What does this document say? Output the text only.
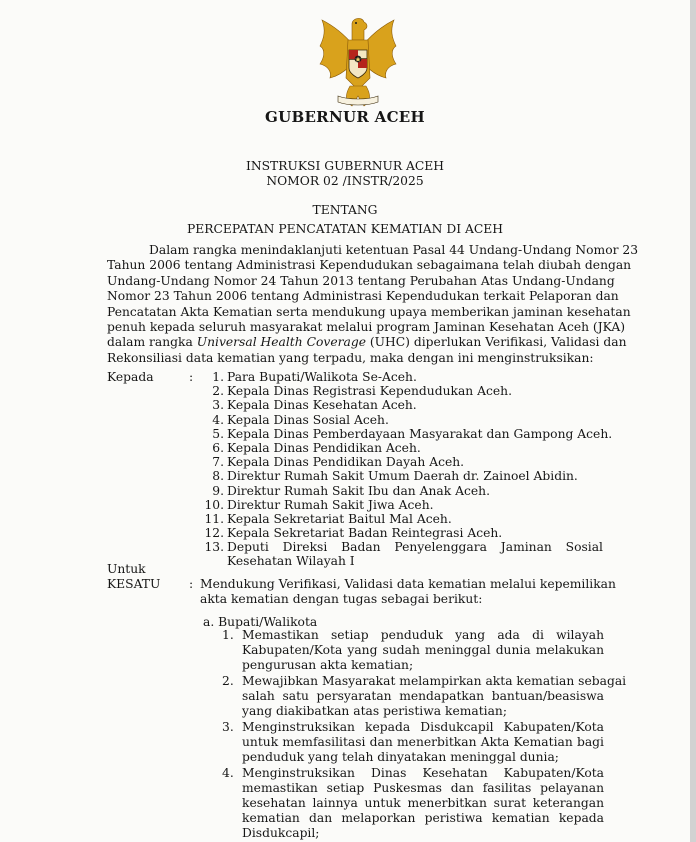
GUBERNUR ACEH
INSTRUKSI GUBERNUR ACEH
NOMOR 02 /INSTR/2025
TENTANG
PERCEPATAN PENCATATAN KEMATIAN DI ACEH
Dalam rangka menindaklanjuti ketentuan Pasal 44 Undang-Undang Nomor 23
Tahun 2006 tentang Administrasi Kependudukan sebagaimana telah diubah dengan
Undang-Undang Nomor 24 Tahun 2013 tentang Perubahan Atas Undang-Undang
Nomor 23 Tahun 2006 tentang Administrasi Kependudukan terkait Pelaporan dan
Pencatatan Akta Kematian serta mendukung upaya memberikan jaminan kesehatan
penuh kepada seluruh masyarakat melalui program Jaminan Kesehatan Aceh (JKA)
dalam rangka Universal Health Coverage (UHC) diperlukan Verifikasi, Validasi dan
Rekonsiliasi data kematian yang terpadu, maka dengan ini menginstruksikan:
Kepada	:	1. Para Bupati/Walikota Se-Aceh.
2. Kepala Dinas Registrasi Kependudukan Aceh.
3. Kepala Dinas Kesehatan Aceh.
4. Kepala Dinas Sosial Aceh.
5. Kepala Dinas Pemberdayaan Masyarakat dan Gampong Aceh.
6. Kepala Dinas Pendidikan Aceh.
7. Kepala Dinas Pendidikan Dayah Aceh.
8. Direktur Rumah Sakit Umum Daerah dr. Zainoel Abidin.
9. Direktur Rumah Sakit Ibu dan Anak Aceh.
10. Direktur Rumah Sakit Jiwa Aceh.
11. Kepala Sekretariat Baitul Mal Aceh.
12. Kepala Sekretariat Badan Reintegrasi Aceh.
13. Deputi Direksi Badan Penyelenggara Jaminan Sosial Kesehatan Wilayah I
Untuk
KESATU : Mendukung Verifikasi, Validasi data kematian melalui kepemilikan
akta kematian dengan tugas sebagai berikut:
a. Bupati/Walikota
1. Memastikan setiap penduduk yang ada di wilayah
Kabupaten/Kota yang sudah meninggal dunia melakukan
pengurusan akta kematian;
2. Mewajibkan Masyarakat melampirkan akta kematian sebagai
salah satu persyaratan mendapatkan bantuan/beasiswa
yang diakibatkan atas peristiwa kematian;
3. Menginstruksikan kepada Disdukcapil Kabupaten/Kota
untuk memfasilitasi dan menerbitkan Akta Kematian bagi
penduduk yang telah dinyatakan meninggal dunia;
4. Menginstruksikan Dinas Kesehatan Kabupaten/Kota
memastikan setiap Puskesmas dan fasilitas pelayanan
kesehatan lainnya untuk menerbitkan surat keterangan
kematian dan melaporkan peristiwa kematian kepada
Disdukcapil;
